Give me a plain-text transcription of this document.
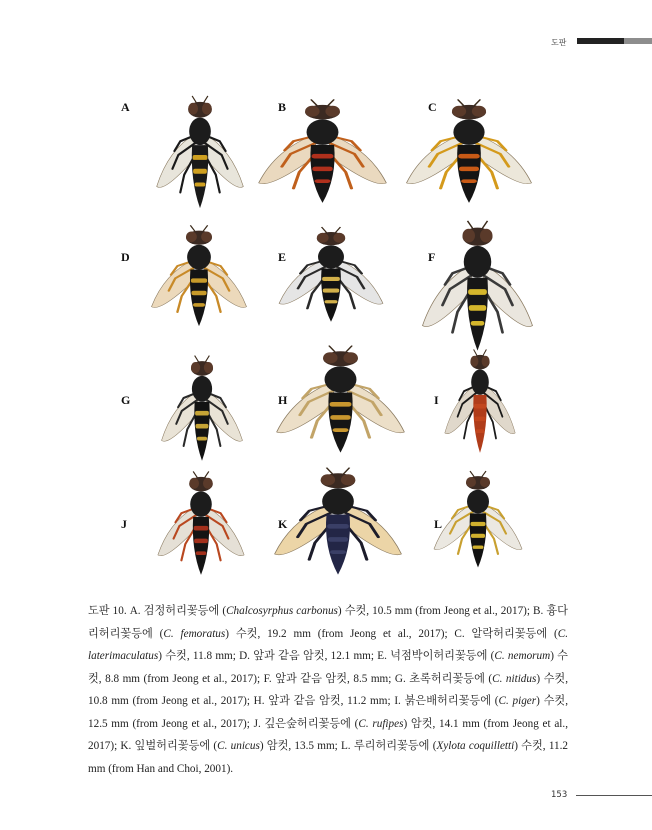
도판
A	B	C
D	E	F
G	H	I
J	K	L
도판 10. A. 검정허리꽃등에 (Chalcosyrphus carbonus) 수컷, 10.5 mm (from Jeong et al., 2017); B. 흉다리허리꽃등에 (C. femoratus) 수컷, 19.2 mm (from Jeong et al., 2017); C. 알락허리꽃등에 (C. laterimaculatus) 수컷, 11.8 mm; D. 앞과 같음 암컷, 12.1 mm; E. 넉점박이허리꽃등에 (C. nemorum) 수컷, 8.8 mm (from Jeong et al., 2017); F. 앞과 같음 암컷, 8.5 mm; G. 초록허리꽃등에 (C. nitidus) 수컷, 10.8 mm (from Jeong et al., 2017); H. 앞과 같음 암컷, 11.2 mm; I. 붉은배허리꽃등에 (C. piger) 수컷, 12.5 mm (from Jeong et al., 2017); J. 깊은숲허리꽃등에 (C. rufipes) 암컷, 14.1 mm (from Jeong et al., 2017); K. 잎벌허리꽃등에 (C. unicus) 암컷, 13.5 mm; L. 루리허리꽃등에 (Xylota coquilletti) 수컷, 11.2 mm (from Han and Choi, 2001).
153
